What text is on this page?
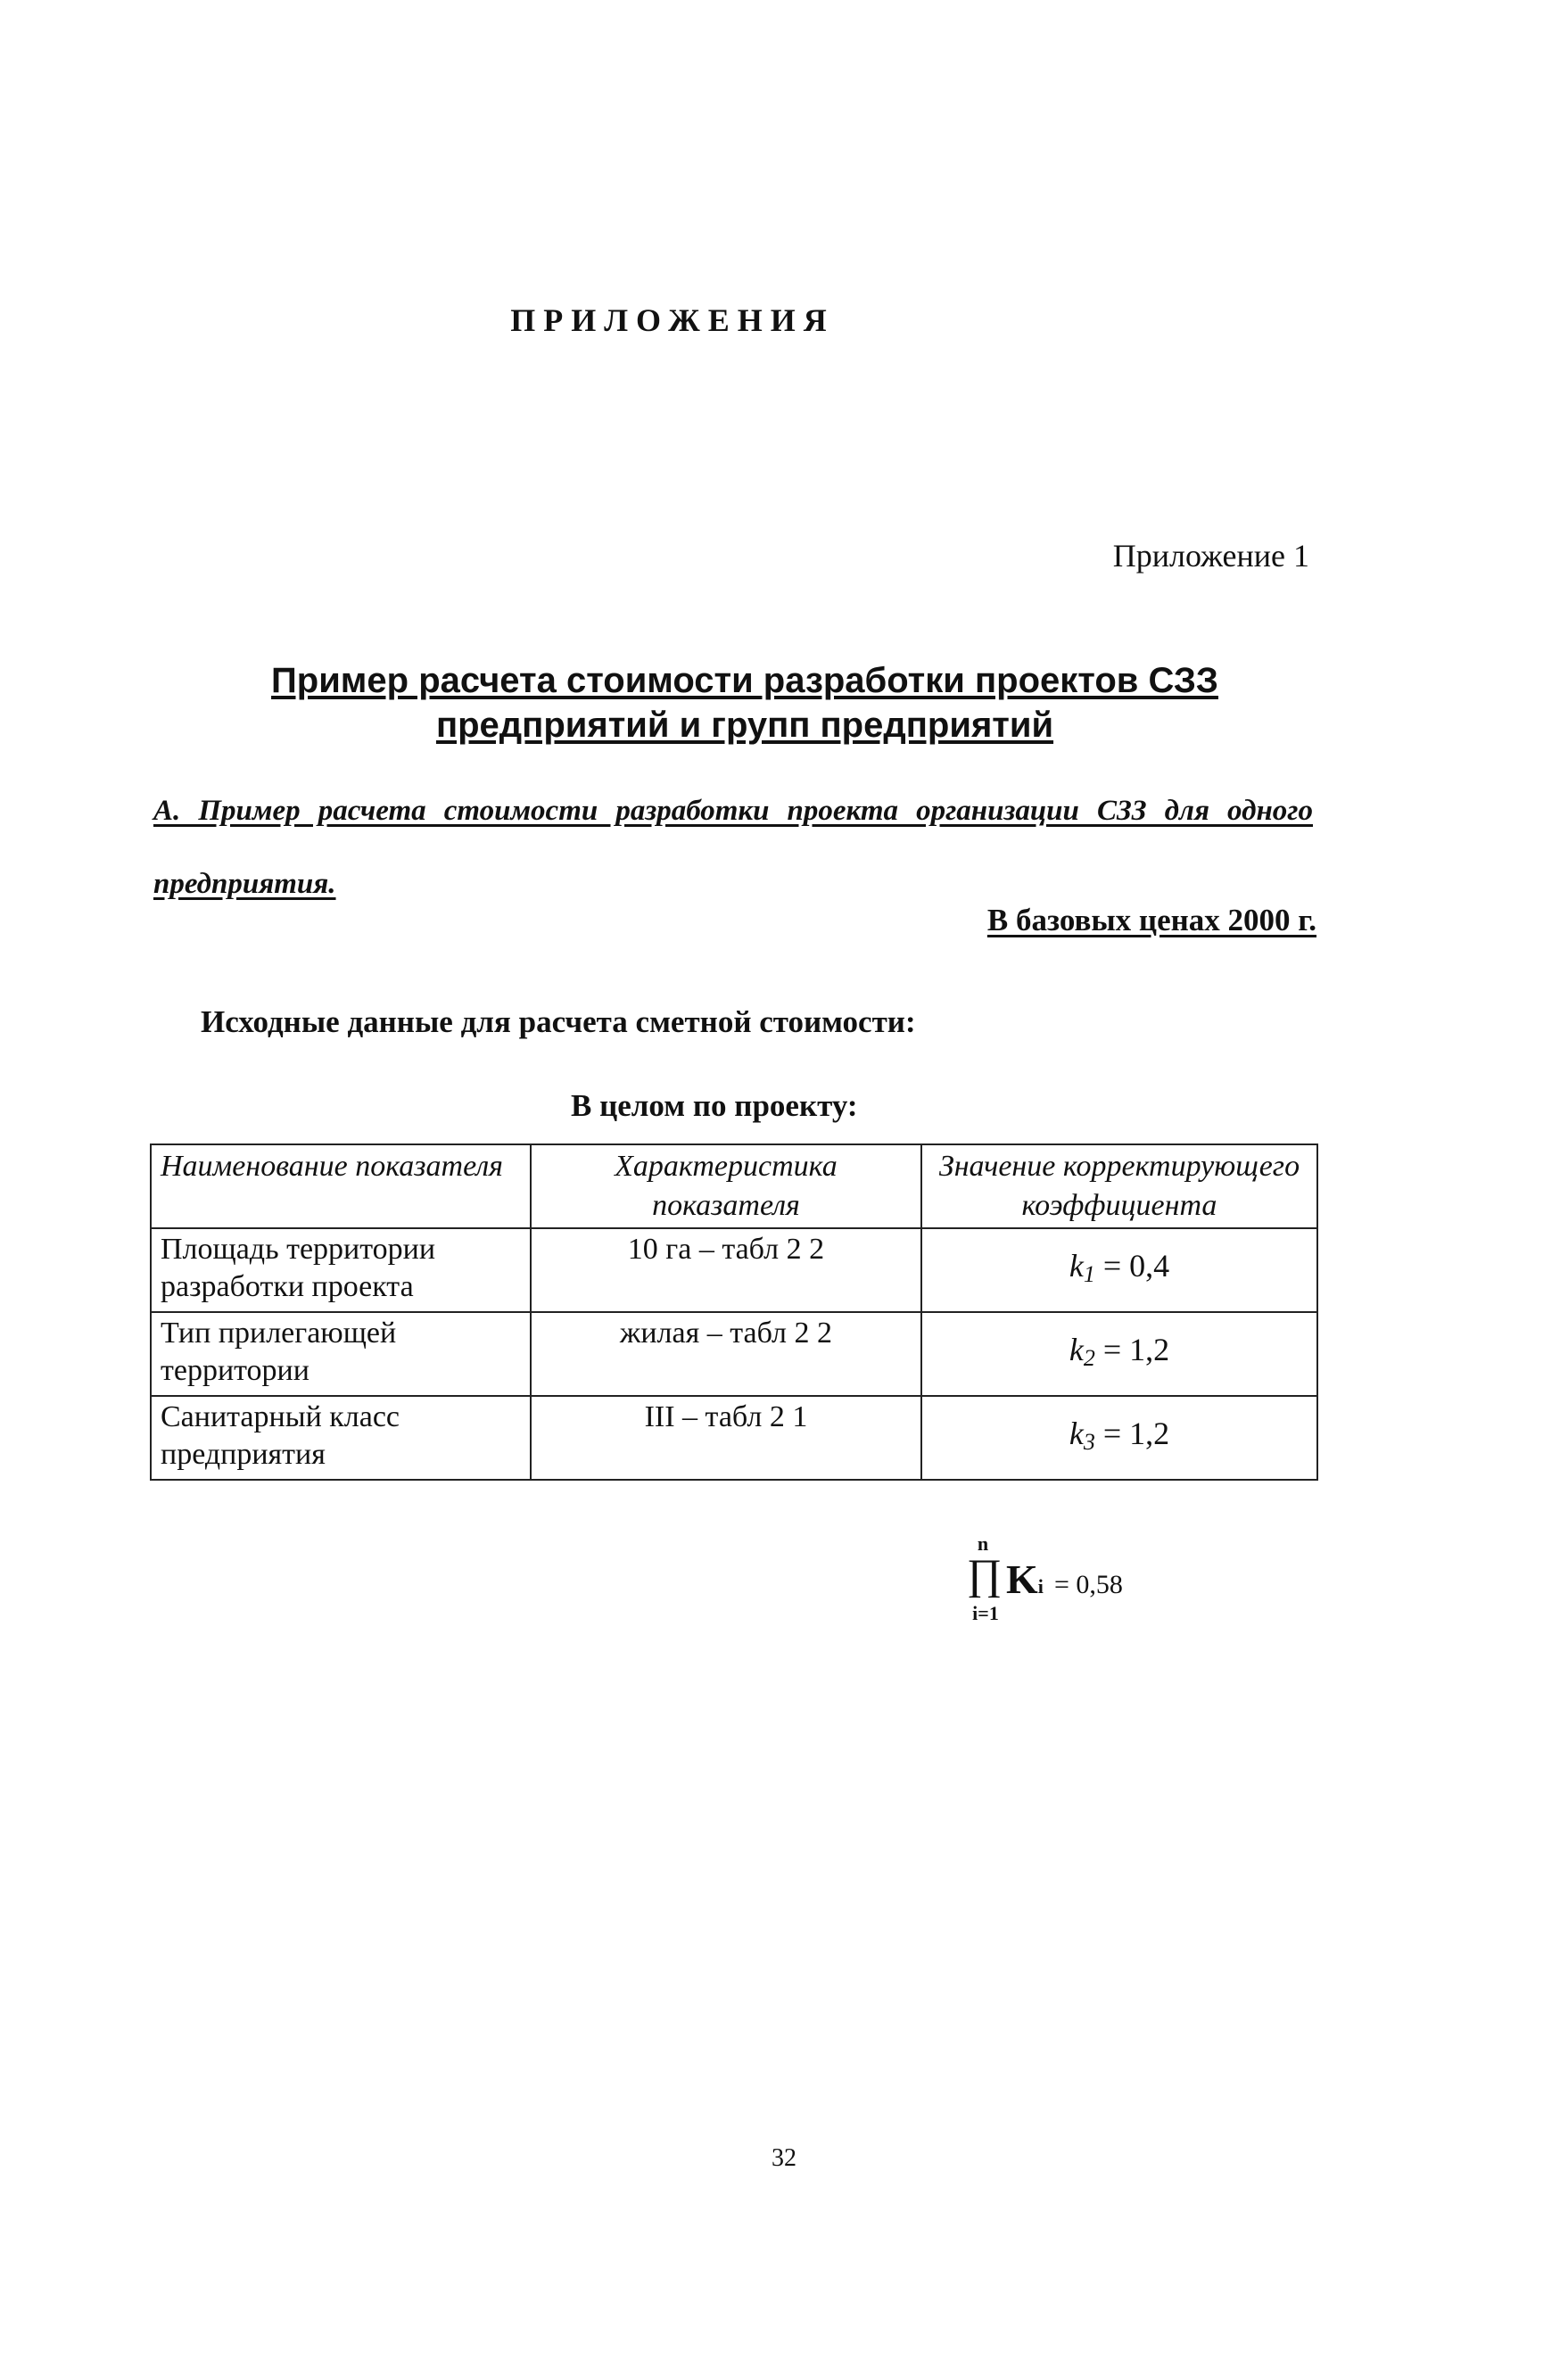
ПРИЛОЖЕНИЯ
Приложение 1
Пример расчета стоимости разработки проектов СЗЗ предприятий и групп предприятий
А. Пример расчета стоимости разработки проекта организации СЗЗ для одного предприятия.
В базовых ценах 2000 г.
Исходные данные для расчета сметной стоимости:
В целом по проекту:
Наименование показателя	Характеристика показателя	Значение корректирующего коэффициента
Площадь территории разработки проекта	10 га – табл 2 2	k1 = 0,4
Тип прилегающей территории	жилая – табл 2 2	k2 = 1,2
Санитарный класс предприятия	III – табл 2 1	k3 = 1,2
n
∏
i=1
Ki = 0,58
32
